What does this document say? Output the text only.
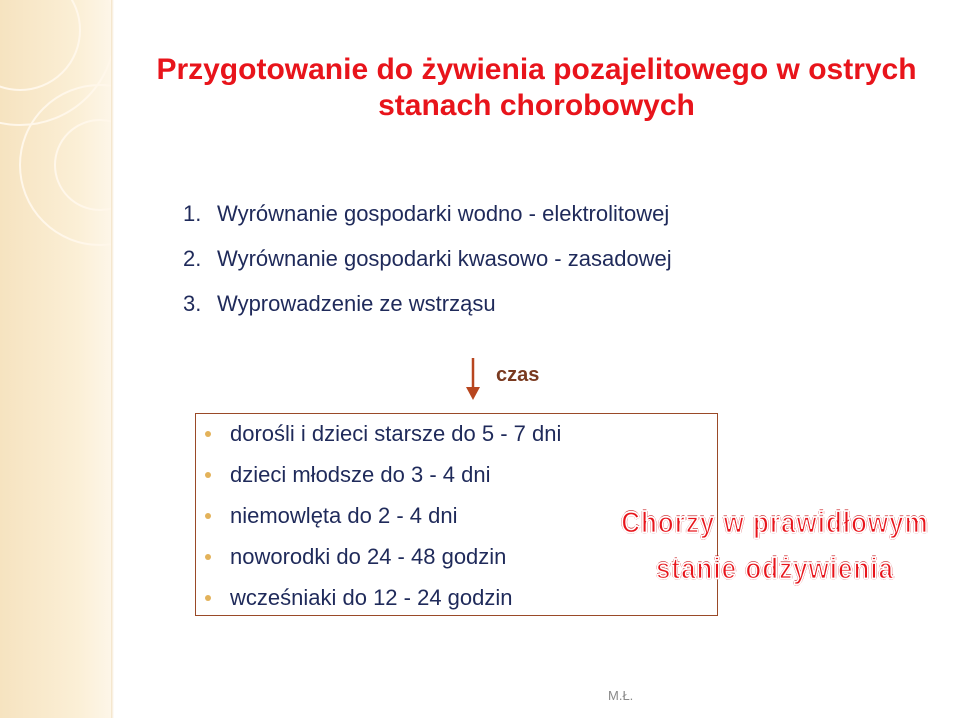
Przygotowanie do żywienia pozajelitowego w ostrych stanach chorobowych
1. Wyrównanie gospodarki wodno - elektrolitowej
2. Wyrównanie gospodarki kwasowo - zasadowej
3. Wyprowadzenie ze wstrząsu
czas
dorośli i dzieci starsze do 5 - 7 dni
dzieci młodsze do 3 - 4 dni
niemowlęta do 2 - 4 dni
noworodki do 24 - 48 godzin
wcześniaki do 12 - 24 godzin
Chorzy w prawidłowym
stanie odżywienia
M.Ł.
